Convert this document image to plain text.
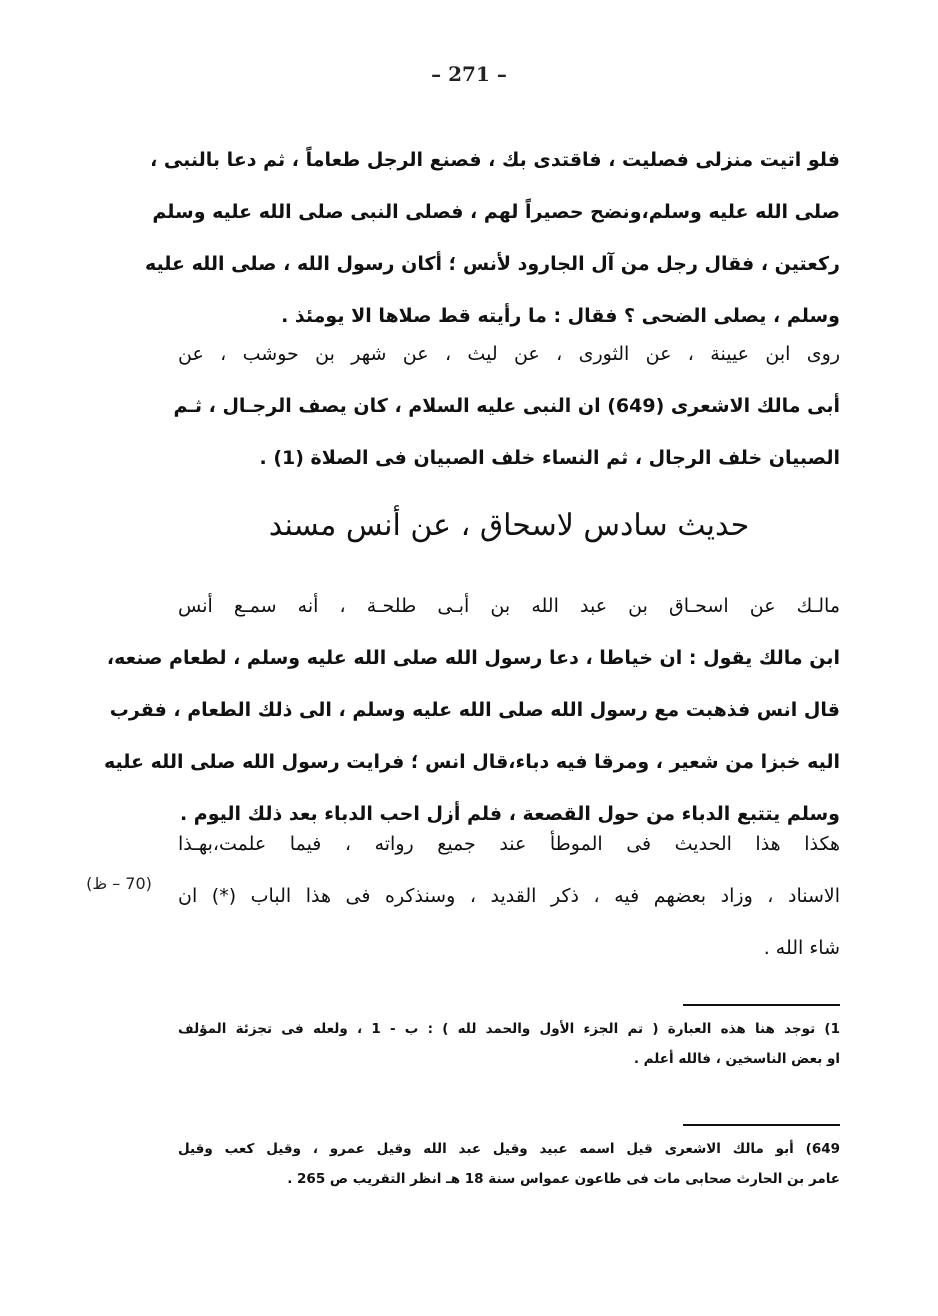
– 271 –
فلو اتيت منزلى فصليت ، فاقتدى بك ، فصنع الرجل طعاماً ، ثم دعا بالنبى ،
صلى الله عليه وسلم،ونضح حصيراً لهم ، فصلى النبى صلى الله عليه وسلم
ركعتين ، فقال رجل من آل الجارود لأنس ؛ أكان رسول الله ، صلى الله عليه
وسلم ، يصلى الضحى ؟ فقال : ما رأيته قط صلاها الا يومئذ .
روى ابن عيينة ، عن الثورى ، عن ليث ، عن شهر بن حوشب ، عن
أبى مالك الاشعرى (649) ان النبى عليه السلام ، كان يصف الرجـال ، ثـم
الصبيان خلف الرجال ، ثم النساء خلف الصبيان فى الصلاة (1) .
حديث سادس لاسحاق ، عن أنس مسند
مالـك عن اسحـاق بن عبد الله بن أبـى طلحـة ، أنه سمـع أنس
ابن مالك يقول : ان خياطا ، دعا رسول الله صلى الله عليه وسلم ، لطعام صنعه،
قال انس فذهبت مع رسول الله صلى الله عليه وسلم ، الى ذلك الطعام ، فقرب
اليه خبزا من شعير ، ومرقا فيه دباء،قال انس ؛ فرايت رسول الله صلى الله عليه
وسلم يتتبع الدباء من حول القصعة ، فلم أزل احب الدباء بعد ذلك اليوم .
هكذا هذا الحديث فى الموطأ عند جميع رواته ، فيما علمت،بهـذا
الاسناد ، وزاد بعضهم فيه ، ذكر القديد ، وسنذكره فى هذا الباب (*) ان
شاء الله .
(70 – ظ)
1) توجد هنا هذه العبارة ( تم الجزء الأول والحمد لله ) : ب - 1 ، ولعله فى تجزئة المؤلف
او بعض الناسخين ، فالله أعلم .
649) أبو مالك الاشعرى قيل اسمه عبيد وقيل عبد الله وقيل عمرو ، وقيل كعب وقيل
عامر بن الحارث صحابى مات فى طاعون عمواس سنة 18 هـ انظر التقريب ص 265 .
